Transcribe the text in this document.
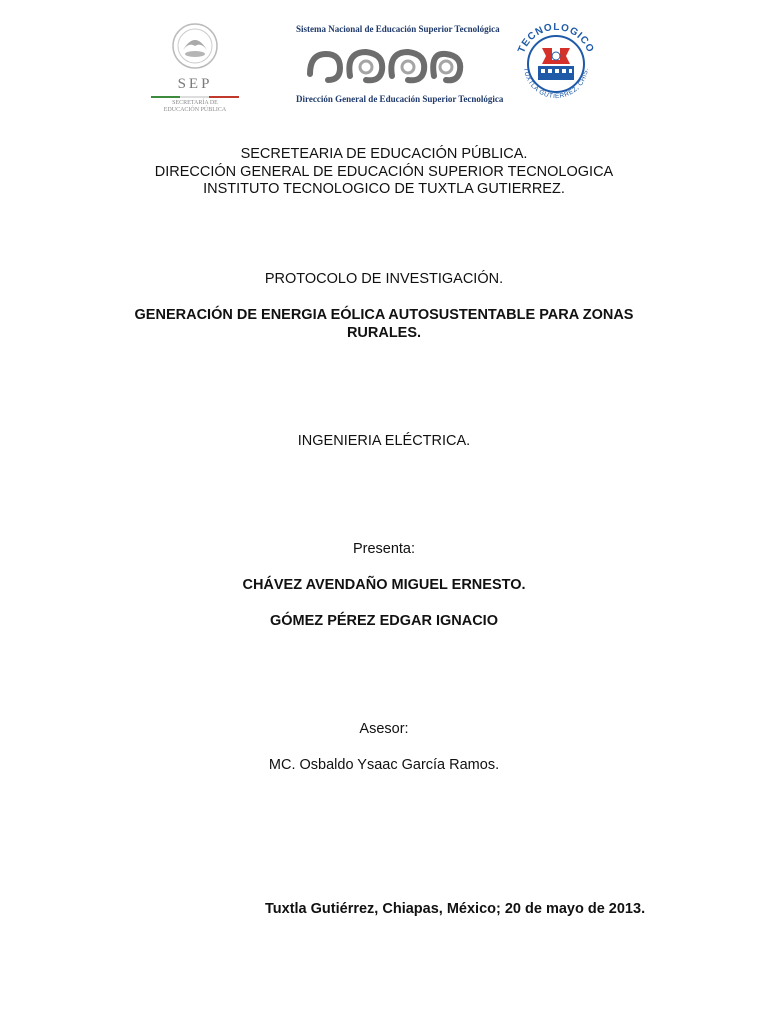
SEP
SECRETARÍA DE
EDUCACIÓN PÚBLICA
Sistema Nacional de Educación Superior Tecnológica
Dirección General de Educación Superior Tecnológica
TECNOLOGICO
TUXTLA GUTIERREZ, CHIS.
SECRETEARIA DE EDUCACIÓN PÚBLICA.
DIRECCIÓN GENERAL DE EDUCACIÓN SUPERIOR TECNOLOGICA
INSTITUTO TECNOLOGICO DE TUXTLA GUTIERREZ.
PROTOCOLO DE INVESTIGACIÓN.
GENERACIÓN DE ENERGIA EÓLICA AUTOSUSTENTABLE PARA ZONAS RURALES.
INGENIERIA ELÉCTRICA.
Presenta:
CHÁVEZ AVENDAÑO MIGUEL ERNESTO.
GÓMEZ PÉREZ EDGAR IGNACIO
Asesor:
MC. Osbaldo Ysaac García Ramos.
Tuxtla Gutiérrez, Chiapas, México; 20 de mayo de 2013.
